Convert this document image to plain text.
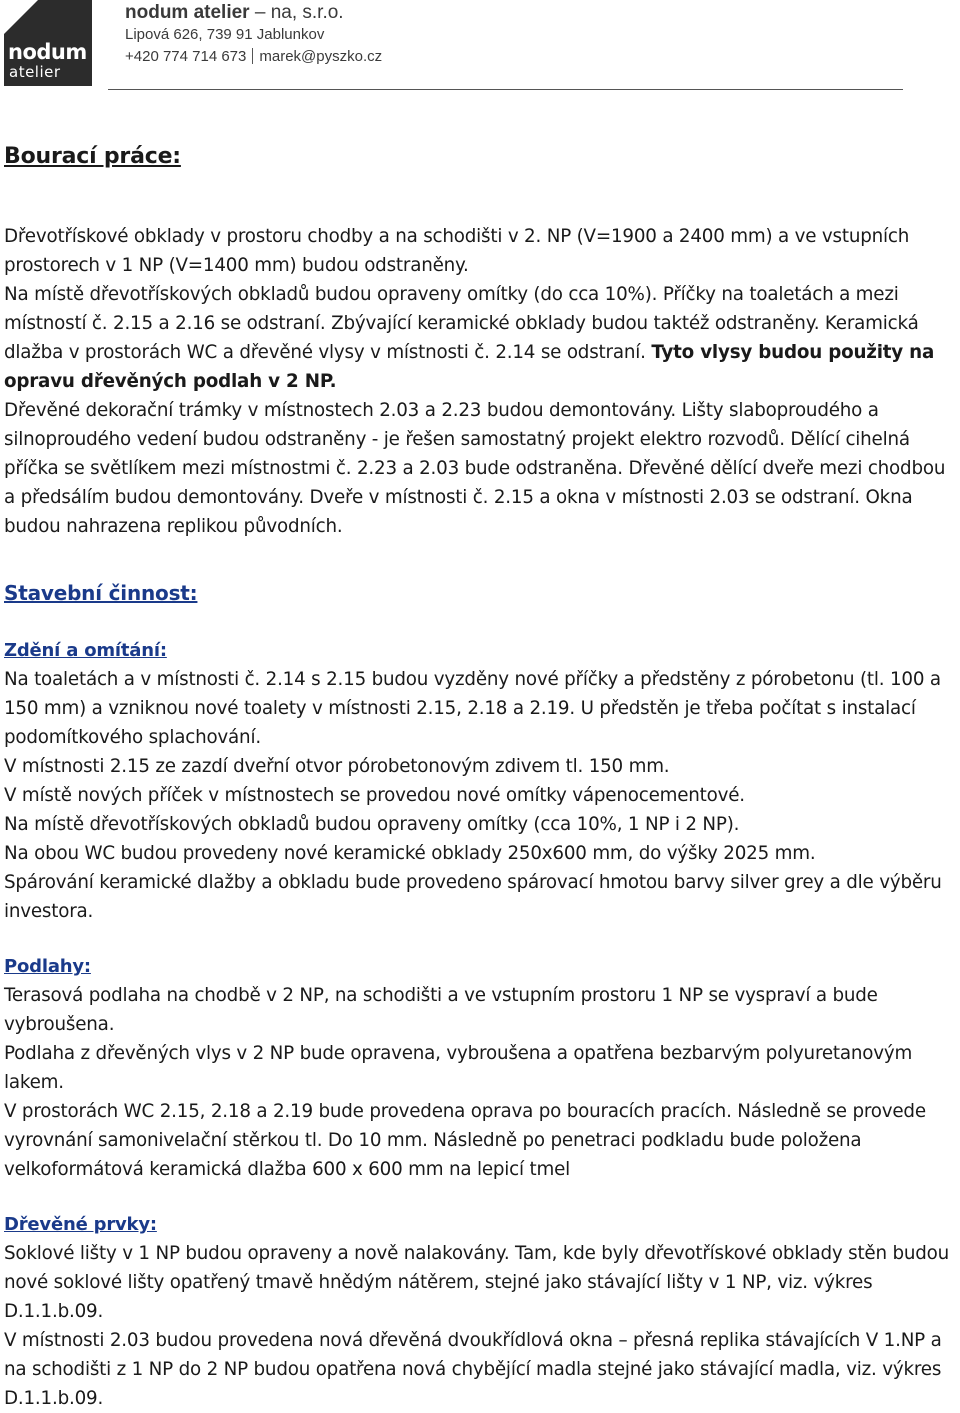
nodum
atelier
nodum atelier – na, s.r.o.
Lipová 626, 739 91 Jablunkov
+420 774 714 673 marek@pyszko.cz

Bourací práce:

Dřevotřískové obklady v prostoru chodby a na schodišti v 2. NP (V=1900 a 2400 mm) a ve vstupních prostorech v 1 NP (V=1400 mm) budou odstraněny.

Na místě dřevotřískových obkladů budou opraveny omítky (do cca 10%). Příčky na toaletách a mezi místností č. 2.15 a 2.16 se odstraní. Zbývající keramické obklady budou taktéž odstraněny. Keramická dlažba v prostorách WC a dřevěné vlysy v místnosti č. 2.14 se odstraní. Tyto vlysy budou použity na opravu dřevěných podlah v 2 NP.

Dřevěné dekorační trámky v místnostech 2.03 a 2.23 budou demontovány. Lišty slaboproudého a silnoproudého vedení budou odstraněny - je řešen samostatný projekt elektro rozvodů. Dělící cihelná příčka se světlíkem mezi místnostmi č. 2.23 a 2.03 bude odstraněna. Dřevěné dělící dveře mezi chodbou a předsálím budou demontovány. Dveře v místnosti č. 2.15 a okna v místnosti 2.03 se odstraní. Okna budou nahrazena replikou původních.

Stavební činnost:

Zdění a omítání:

Na toaletách a v místnosti č. 2.14 s 2.15 budou vyzděny nové příčky a předstěny z pórobetonu (tl. 100 a 150 mm) a vzniknou nové toalety v místnosti 2.15, 2.18 a 2.19. U předstěn je třeba počítat s instalací podomítkového splachování.

V místnosti 2.15 ze zazdí dveřní otvor pórobetonovým zdivem tl. 150 mm.

V místě nových příček v místnostech se provedou nové omítky vápenocementové.

Na místě dřevotřískových obkladů budou opraveny omítky (cca 10%, 1 NP i 2 NP).

Na obou WC budou provedeny nové keramické obklady 250x600 mm, do výšky 2025 mm.

Spárování keramické dlažby a obkladu bude provedeno spárovací hmotou barvy silver grey a dle výběru investora.

Podlahy:

Terasová podlaha na chodbě v 2 NP, na schodišti a ve vstupním prostoru 1 NP se vyspraví a bude vybroušena.

Podlaha z dřevěných vlys v 2 NP bude opravena, vybroušena a opatřena bezbarvým polyuretanovým lakem.

V prostorách WC 2.15, 2.18 a 2.19 bude provedena oprava po bouracích pracích. Následně se provede vyrovnání samonivelační stěrkou tl. Do 10 mm. Následně po penetraci podkladu bude položena velkoformátová keramická dlažba 600 x 600 mm na lepicí tmel

Dřevěné prvky:

Soklové lišty v 1 NP budou opraveny a nově nalakovány. Tam, kde byly dřevotřískové obklady stěn budou nové soklové lišty opatřený tmavě hnědým nátěrem, stejné jako stávající lišty v 1 NP, viz. výkres D.1.1.b.09.

V místnosti 2.03 budou provedena nová dřevěná dvoukřídlová okna – přesná replika stávajících V 1.NP a na schodišti z 1 NP do 2 NP budou opatřena nová chybějící madla stejné jako stávající madla, viz. výkres D.1.1.b.09.
